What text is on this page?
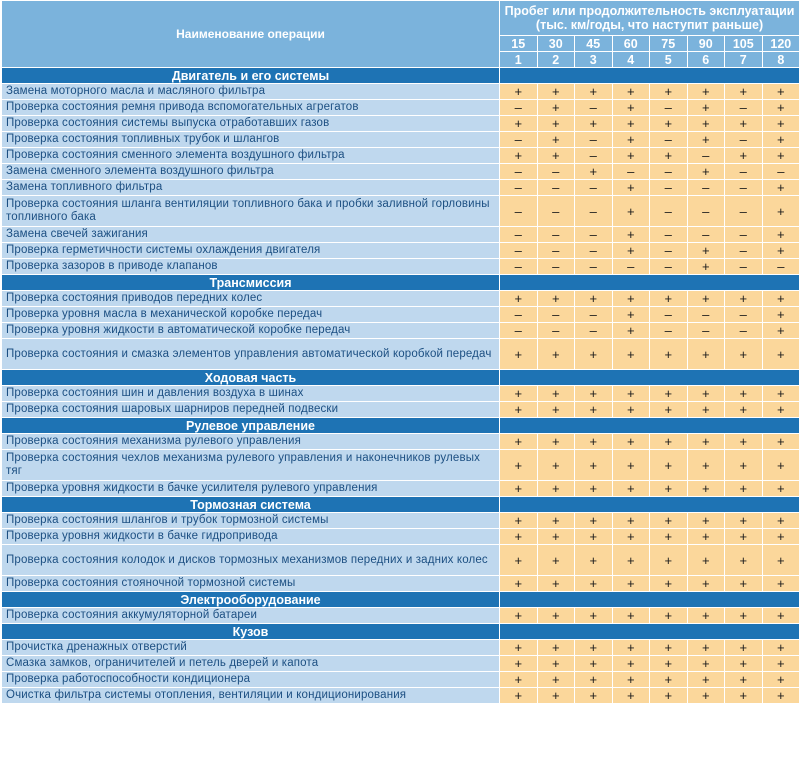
Наименование операции	Пробег или продолжительность эксплуатации (тыс. км/годы, что наступит раньше)							
	15	30	45	60	75	90	105	120
	1	2	3	4	5	6	7	8
Двигатель и его системы								
Замена моторного масла и масляного фильтра	+	+	+	+	+	+	+	+
Проверка состояния ремня привода вспомогательных агрегатов	–	+	–	+	–	+	–	+
Проверка состояния системы выпуска отработавших газов	+	+	+	+	+	+	+	+
Проверка состояния топливных трубок и шлангов	–	+	–	+	–	+	–	+
Проверка состояния сменного элемента воздушного фильтра	+	+	–	+	+	–	+	+
Замена сменного элемента воздушного фильтра	–	–	+	–	–	+	–	–
Замена топливного фильтра	–	–	–	+	–	–	–	+
Проверка состояния шланга вентиляции топливного бака и пробки заливной горловины топливного бака	–	–	–	+	–	–	–	+
Замена свечей зажигания	–	–	–	+	–	–	–	+
Проверка герметичности системы охлаждения двигателя	–	–	–	+	–	+	–	+
Проверка зазоров в приводе клапанов	–	–	–	–	–	+	–	–
Трансмиссия								
Проверка состояния приводов передних колес	+	+	+	+	+	+	+	+
Проверка уровня масла в механической коробке передач	–	–	–	+	–	–	–	+
Проверка уровня жидкости в автоматической коробке передач	–	–	–	+	–	–	–	+
Проверка состояния и смазка элементов управления автоматической коробкой передач	+	+	+	+	+	+	+	+
Ходовая часть								
Проверка состояния шин и давления воздуха в шинах	+	+	+	+	+	+	+	+
Проверка состояния шаровых шарниров передней подвески	+	+	+	+	+	+	+	+
Рулевое управление								
Проверка состояния механизма рулевого управления	+	+	+	+	+	+	+	+
Проверка состояния чехлов механизма рулевого управления и наконечников рулевых тяг	+	+	+	+	+	+	+	+
Проверка уровня жидкости в бачке усилителя рулевого управления	+	+	+	+	+	+	+	+
Тормозная система								
Проверка состояния шлангов и трубок тормозной системы	+	+	+	+	+	+	+	+
Проверка уровня жидкости в бачке гидропривода	+	+	+	+	+	+	+	+
Проверка состояния колодок и дисков тормозных механизмов передних и задних колес	+	+	+	+	+	+	+	+
Проверка состояния стояночной тормозной системы	+	+	+	+	+	+	+	+
Электрооборудование								
Проверка состояния аккумуляторной батареи	+	+	+	+	+	+	+	+
Кузов								
Прочистка дренажных отверстий	+	+	+	+	+	+	+	+
Смазка замков, ограничителей и петель дверей и капота	+	+	+	+	+	+	+	+
Проверка работоспособности кондиционера	+	+	+	+	+	+	+	+
Очистка фильтра системы отопления, вентиляции и кондиционирования	+	+	+	+	+	+	+	+
